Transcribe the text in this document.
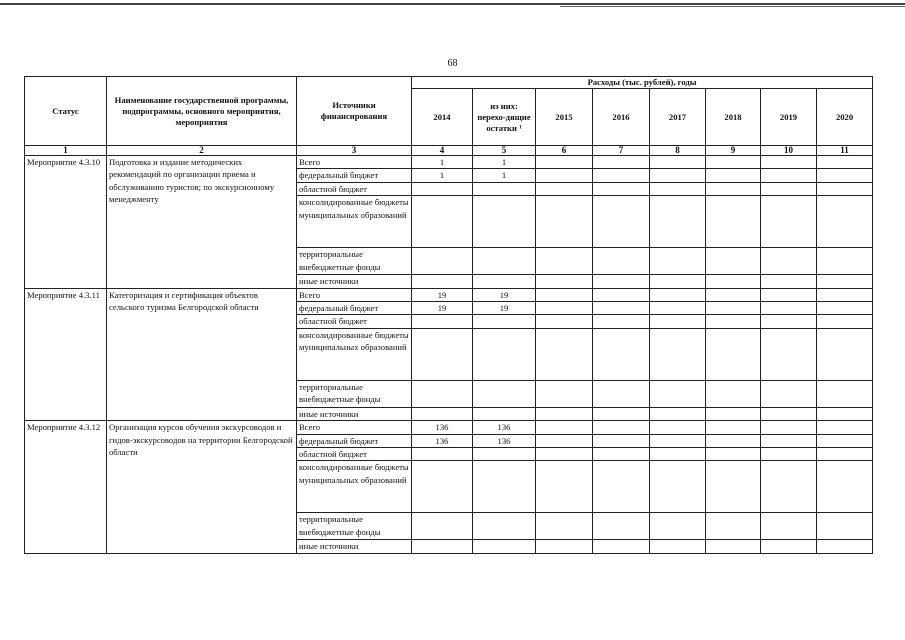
68
Статус	Наименование государственной программы, подпрограммы, основного мероприятия, мероприятия	Источники финансирования	Расходы (тыс. рублей), годы							
			2014	из них: перехо-дящие остатки ¹	2015	2016	2017	2018	2019	2020
1	2	3	4	5	6	7	8	9	10	11
Мероприятие 4.3.10	Подготовка и издание методических рекомендаций по организации приема и обслуживанию туристов; по экскурсионному менеджменту	Всего	1	1						
		федеральный бюджет	1	1						
		областной бюджет								
		консолидированные бюджеты муниципальных образований								
		территориальные внебюджетные фонды								
		иные источники								
Мероприятие 4.3.11	Категоризация и сертификация объектов сельского туризма Белгородской области	Всего	19	19						
		федеральный бюджет	19	19						
		областной бюджет								
		консолидированные бюджеты муниципальных образований								
		территориальные внебюджетные фонды								
		иные источники								
Мероприятие 4.3.12	Организация курсов обучения экскурсоводов и гидов-экскурсоводов на территории Белгородской области	Всего	136	136						
		федеральный бюджет	136	136						
		областной бюджет								
		консолидированные бюджеты муниципальных образований								
		территориальные внебюджетные фонды								
		иные источники								
